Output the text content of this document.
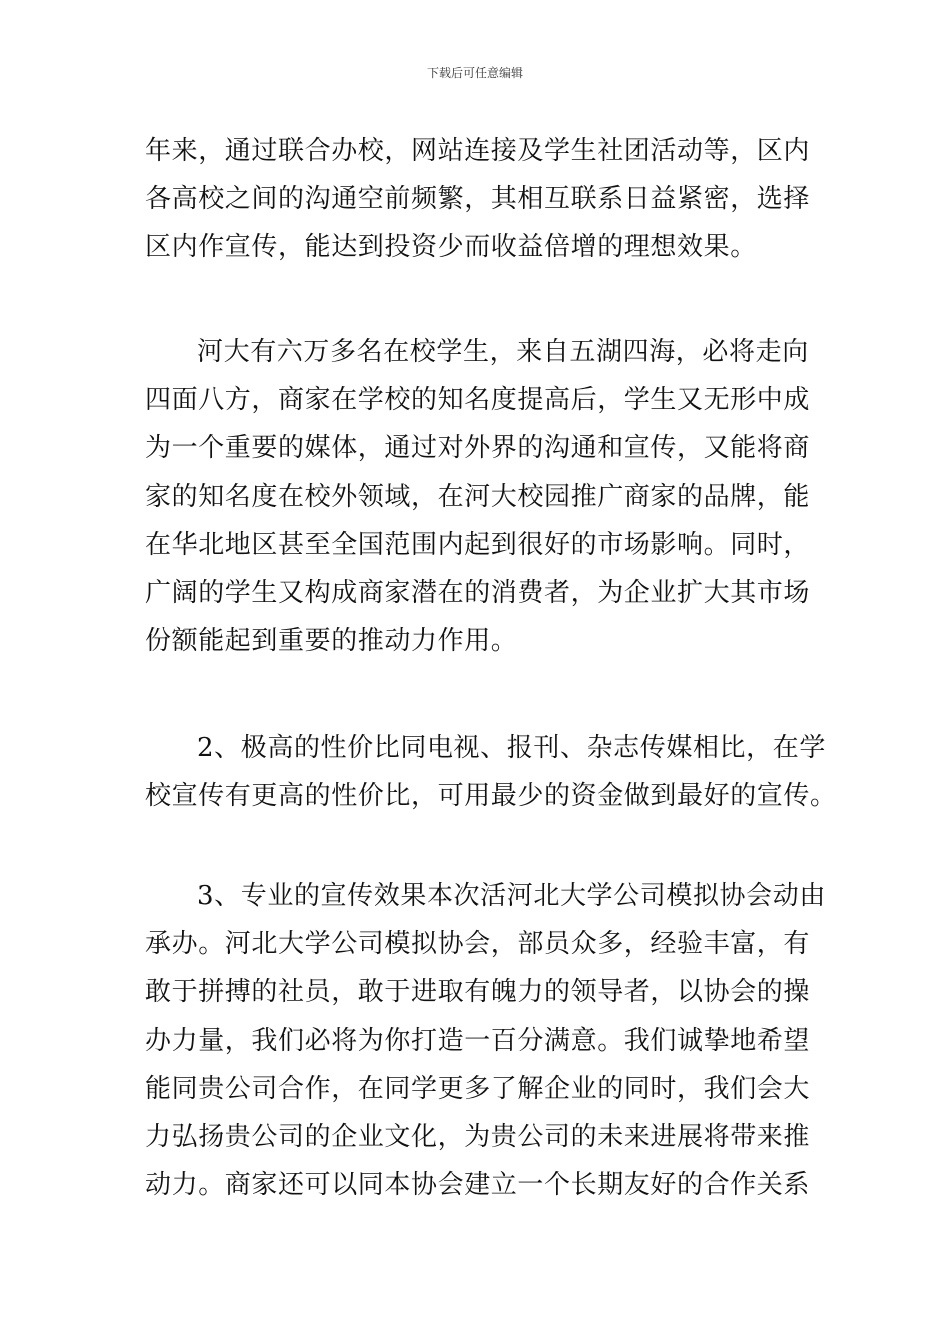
下载后可任意编辑
年来，通过联合办校，网站连接及学生社团活动等，区内
各高校之间的沟通空前频繁，其相互联系日益紧密，选择
区内作宣传，能达到投资少而收益倍增的理想效果。
河大有六万多名在校学生，来自五湖四海，必将走向
四面八方，商家在学校的知名度提高后，学生又无形中成
为一个重要的媒体，通过对外界的沟通和宣传，又能将商
家的知名度在校外领域，在河大校园推广商家的品牌，能
在华北地区甚至全国范围内起到很好的市场影响。同时，
广阔的学生又构成商家潜在的消费者，为企业扩大其市场
份额能起到重要的推动力作用。
2、极高的性价比同电视、报刊、杂志传媒相比，在学
校宣传有更高的性价比，可用最少的资金做到最好的宣传。
3、专业的宣传效果本次活河北大学公司模拟协会动由
承办。河北大学公司模拟协会，部员众多，经验丰富，有
敢于拼搏的社员，敢于进取有魄力的领导者，以协会的操
办力量，我们必将为你打造一百分满意。我们诚挚地希望
能同贵公司合作，在同学更多了解企业的同时，我们会大
力弘扬贵公司的企业文化，为贵公司的未来进展将带来推
动力。商家还可以同本协会建立一个长期友好的合作关系
